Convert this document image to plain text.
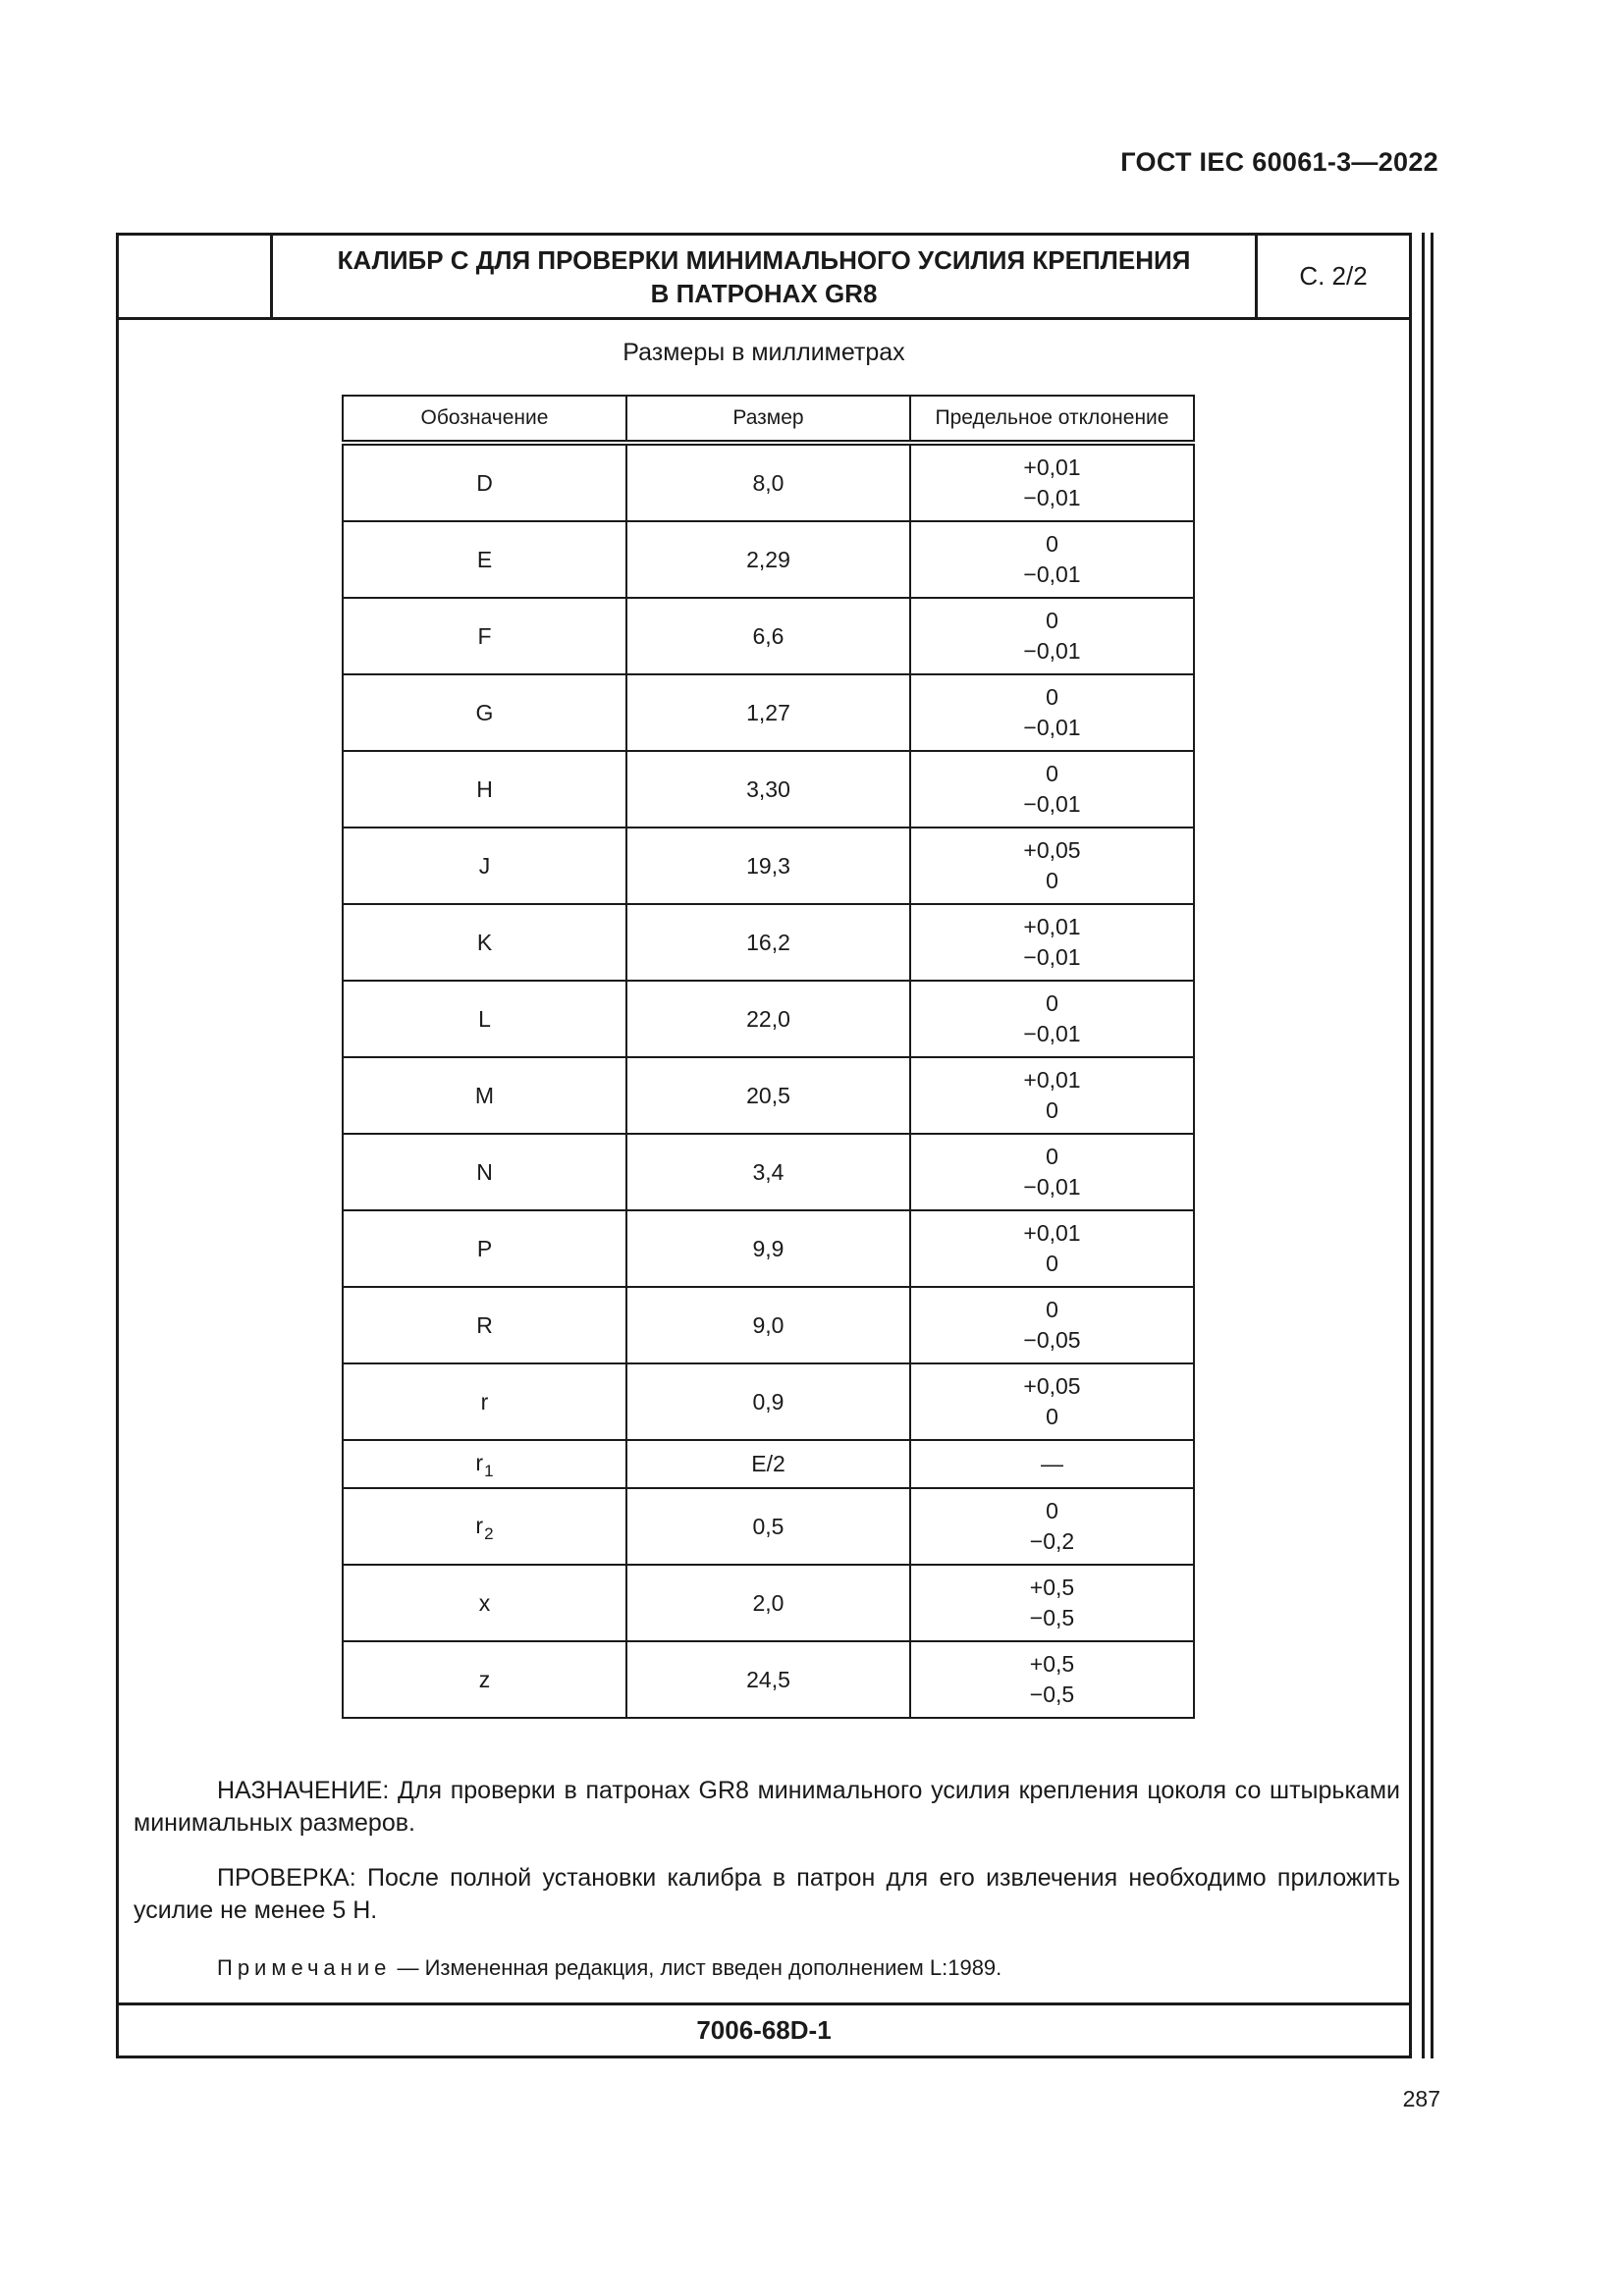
ГОСТ IEC 60061-3—2022
КАЛИБР С ДЛЯ ПРОВЕРКИ МИНИМАЛЬНОГО УСИЛИЯ КРЕПЛЕНИЯ
В ПАТРОНАХ GR8
С. 2/2
Размеры в миллиметрах
Обозначение	Размер	Предельное отклонение
D	8,0	+0,01
−0,01

E	2,29	0
−0,01

F	6,6	0
−0,01

G	1,27	0
−0,01

H	3,30	0
−0,01

J	19,3	+0,05
0

K	16,2	+0,01
−0,01

L	22,0	0
−0,01

M	20,5	+0,01
0

N	3,4	0
−0,01

P	9,9	+0,01
0

R	9,0	0
−0,05

r	0,9	+0,05
0

$r_1$	E/2	—

$r_2$	0,5	0
−0,2

x	2,0	+0,5
−0,5

z	24,5	+0,5
−0,5
НАЗНАЧЕНИЕ: Для проверки в патронах GR8 минимального усилия крепления цоколя со штырьками минимальных размеров.
ПРОВЕРКА: После полной установки калибра в патрон для его извлечения необходимо приложить усилие не менее 5 Н.
Примечание — Измененная редакция, лист введен дополнением L:1989.
7006-68D-1
287
